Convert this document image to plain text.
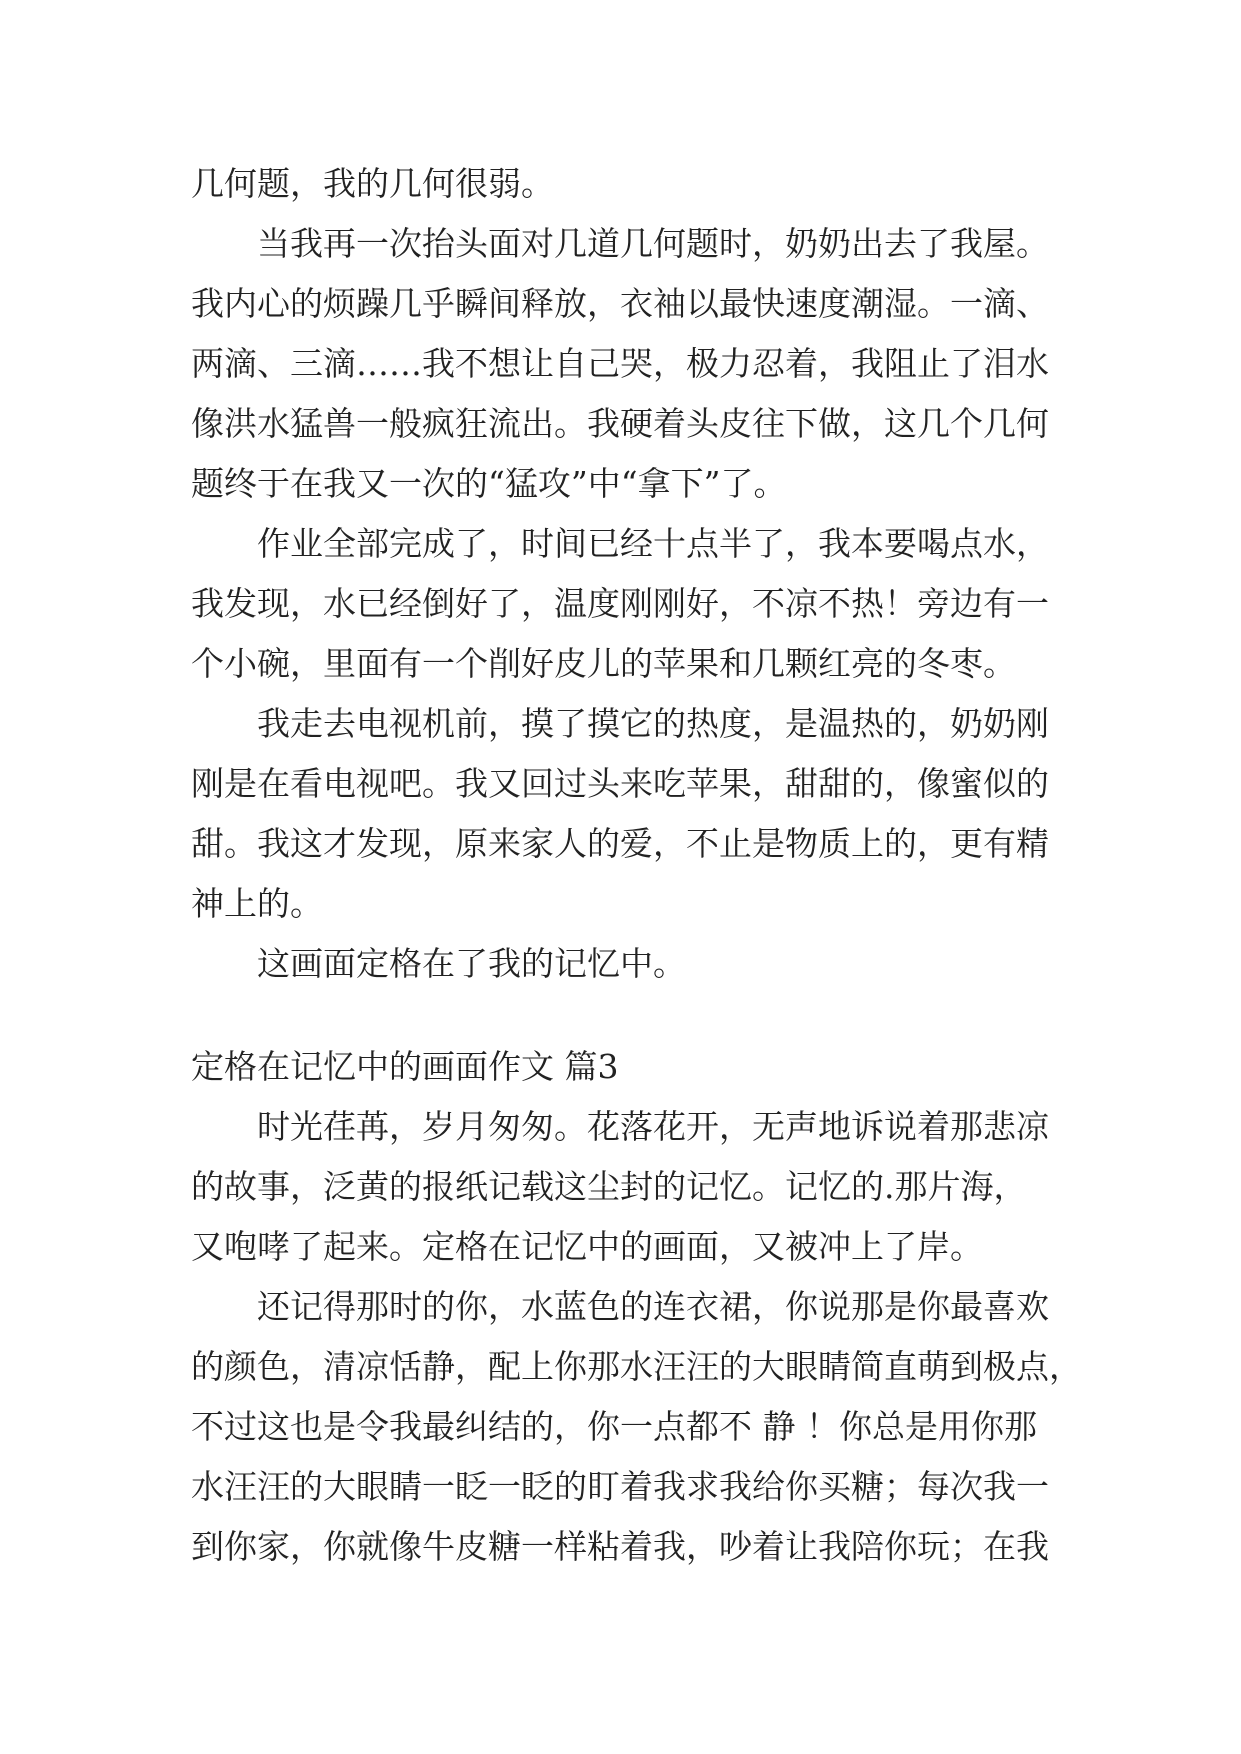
几何题，我的几何很弱。
当我再一次抬头面对几道几何题时，奶奶出去了我屋。
我内心的烦躁几乎瞬间释放，衣袖以最快速度潮湿。一滴、
两滴、三滴……我不想让自己哭，极力忍着，我阻止了泪水
像洪水猛兽一般疯狂流出。我硬着头皮往下做，这几个几何
题终于在我又一次的“猛攻”中“拿下”了。
作业全部完成了，时间已经十点半了，我本要喝点水，
我发现，水已经倒好了，温度刚刚好，不凉不热！旁边有一
个小碗，里面有一个削好皮儿的苹果和几颗红亮的冬枣。
我走去电视机前，摸了摸它的热度，是温热的，奶奶刚
刚是在看电视吧。我又回过头来吃苹果，甜甜的，像蜜似的
甜。我这才发现，原来家人的爱，不止是物质上的，更有精
神上的。
这画面定格在了我的记忆中。
定格在记忆中的画面作文 篇3
时光荏苒，岁月匆匆。花落花开，无声地诉说着那悲凉
的故事，泛黄的报纸记载这尘封的记忆。记忆的.那片海，
又咆哮了起来。定格在记忆中的画面，又被冲上了岸。
还记得那时的你，水蓝色的连衣裙，你说那是你最喜欢
的颜色，清凉恬静，配上你那水汪汪的大眼睛简直萌到极点，
不过这也是令我最纠结的，你一点都不 静 ！你总是用你那
水汪汪的大眼睛一眨一眨的盯着我求我给你买糖；每次我一
到你家，你就像牛皮糖一样粘着我，吵着让我陪你玩；在我
